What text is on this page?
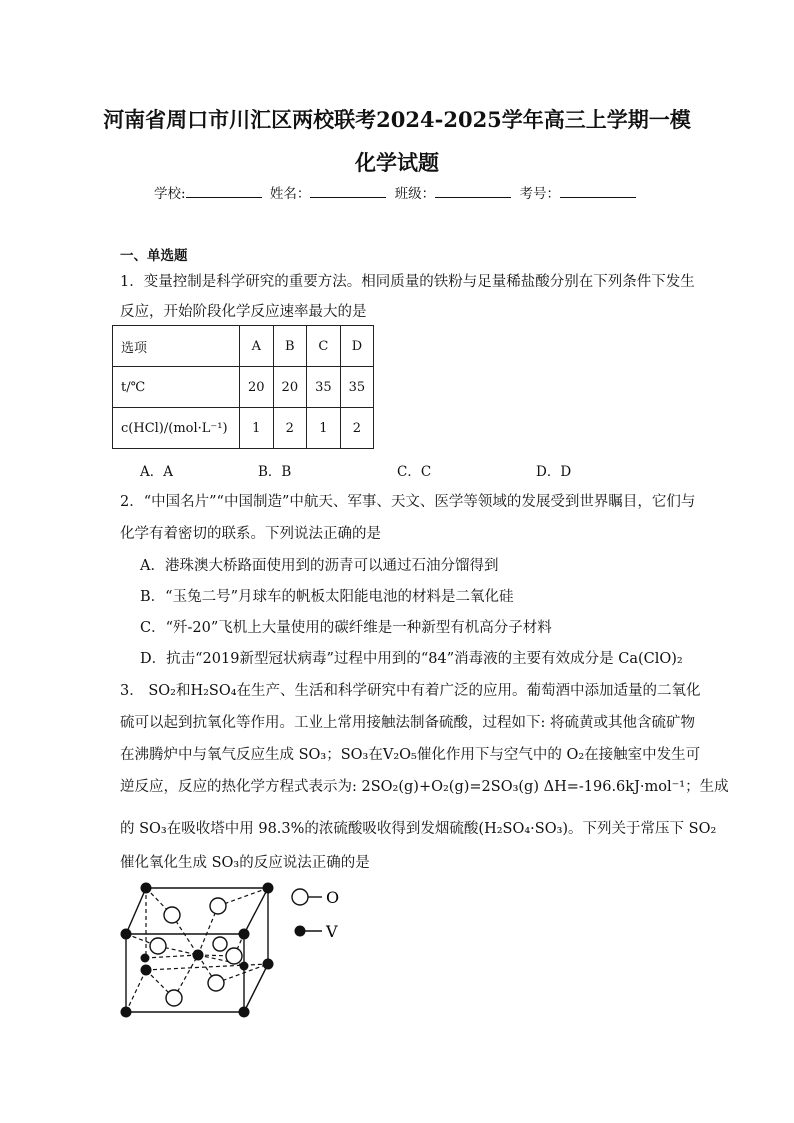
河南省周口市川汇区两校联考2024-2025学年高三上学期一模
化学试题
学校:	姓名：	班级：	考号：
一、单选题
1．变量控制是科学研究的重要方法。相同质量的铁粉与足量稀盐酸分别在下列条件下发生
反应，开始阶段化学反应速率最大的是
选项	A	B	C	D
t/℃	20	20	35	35
c(HCl)/(mol·L⁻¹)	1	2	1	2
A．A	B．B	C．C	D．D
2．“中国名片”“中国制造”中航天、军事、天文、医学等领域的发展受到世界瞩目，它们与
化学有着密切的联系。下列说法正确的是
A．港珠澳大桥路面使用到的沥青可以通过石油分馏得到
B．“玉兔二号”月球车的帆板太阳能电池的材料是二氧化硅
C．“歼-20”飞机上大量使用的碳纤维是一种新型有机高分子材料
D．抗击“2019新型冠状病毒”过程中用到的“84”消毒液的主要有效成分是 Ca(ClO)₂
3． SO₂和H₂SO₄在生产、生活和科学研究中有着广泛的应用。葡萄酒中添加适量的二氧化
硫可以起到抗氧化等作用。工业上常用接触法制备硫酸，过程如下: 将硫黄或其他含硫矿物
在沸腾炉中与氧气反应生成 SO₃；SO₃在V₂O₅催化作用下与空气中的 O₂在接触室中发生可
逆反应，反应的热化学方程式表示为: 2SO₂(g)+O₂(g)=2SO₃(g) ΔH=-196.6kJ·mol⁻¹；生成
的 SO₃在吸收塔中用 98.3%的浓硫酸吸收得到发烟硫酸(H₂SO₄·SO₃)。下列关于常压下 SO₂
催化氧化生成 SO₃的反应说法正确的是
O
V
